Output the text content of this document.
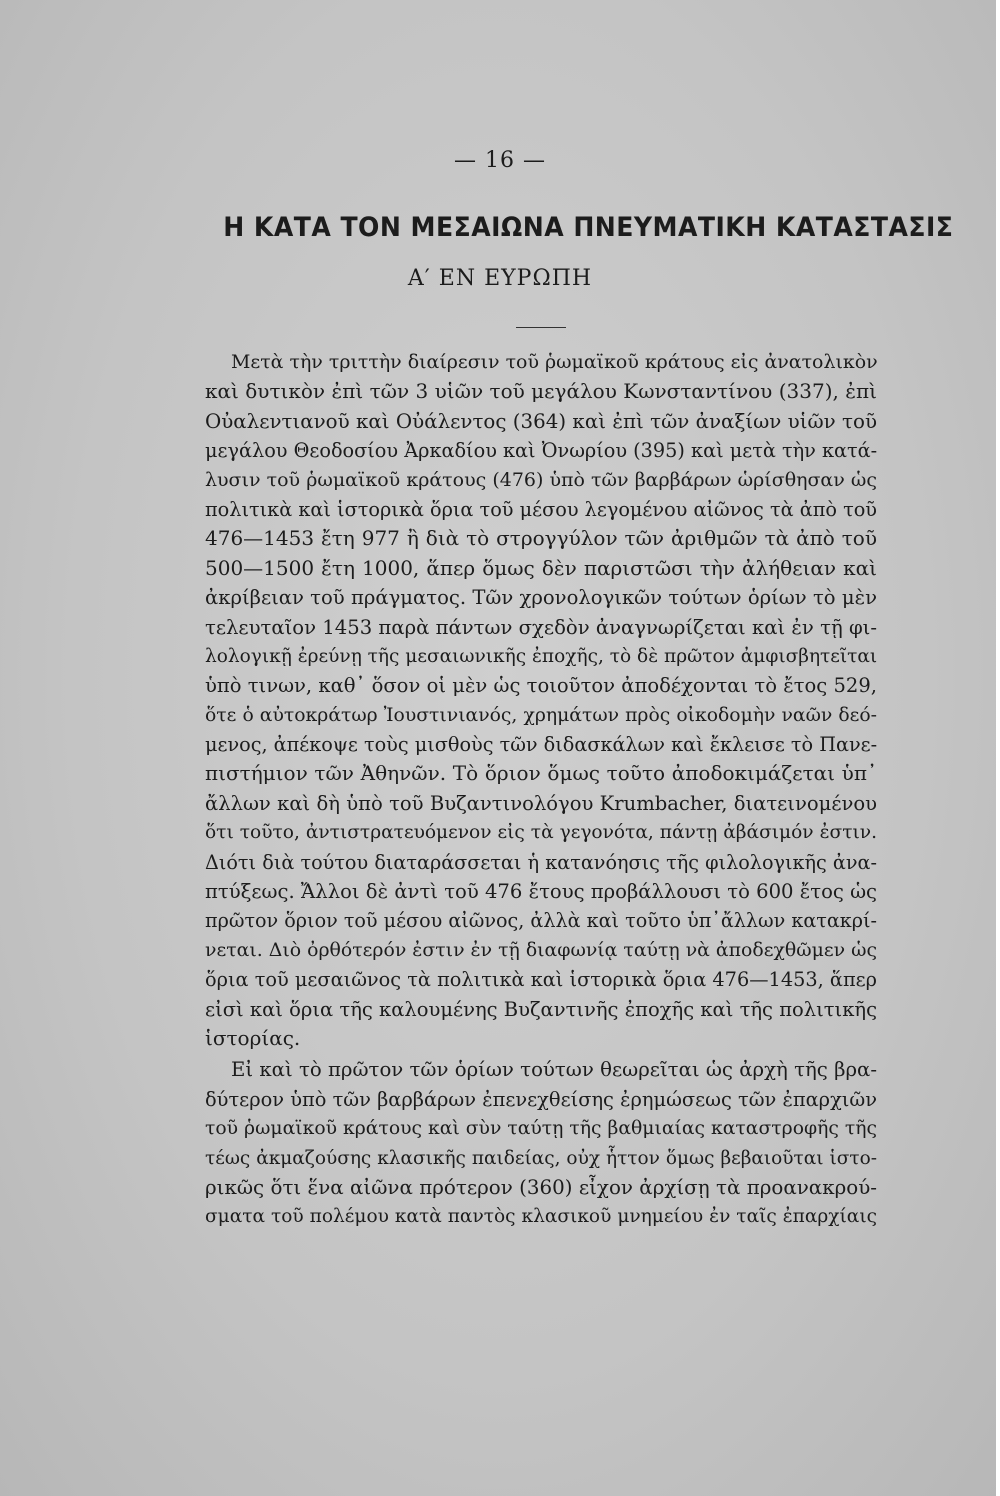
— 16 —
Η ΚΑΤΑ ΤΟΝ ΜΕΣΑΙΩΝΑ ΠΝΕΥΜΑΤΙΚΗ ΚΑΤΑΣΤΑΣΙΣ
Α′ ΕΝ ΕΥΡΩΠΗ
Μετὰ τὴν τριττὴν διαίρεσιν τοῦ ῥωμαϊκοῦ κράτους εἰς ἀνατολικὸν
καὶ δυτικὸν ἐπὶ τῶν 3 υἱῶν τοῦ μεγάλου Κωνσταντίνου (337), ἐπὶ
Οὐαλεντιανοῦ καὶ Οὐάλεντος (364) καὶ ἐπὶ τῶν ἀναξίων υἱῶν τοῦ
μεγάλου Θεοδοσίου Ἀρκαδίου καὶ Ὀνωρίου (395) καὶ μετὰ τὴν κατά-
λυσιν τοῦ ῥωμαϊκοῦ κράτους (476) ὑπὸ τῶν βαρβάρων ὡρίσθησαν ὡς
πολιτικὰ καὶ ἱστορικὰ ὅρια τοῦ μέσου λεγομένου αἰῶνος τὰ ἀπὸ τοῦ
476—1453 ἔτη 977 ἢ διὰ τὸ στρογγύλον τῶν ἀριθμῶν τὰ ἀπὸ τοῦ
500—1500 ἔτη 1000, ἅπερ ὅμως δὲν παριστῶσι τὴν ἀλήθειαν καὶ
ἀκρίβειαν τοῦ πράγματος. Τῶν χρονολογικῶν τούτων ὁρίων τὸ μὲν
τελευταῖον 1453 παρὰ πάντων σχεδὸν ἀναγνωρίζεται καὶ ἐν τῇ φι-
λολογικῇ ἐρεύνῃ τῆς μεσαιωνικῆς ἐποχῆς, τὸ δὲ πρῶτον ἀμφισβητεῖται
ὑπὸ τινων, καθ᾿ ὅσον οἱ μὲν ὡς τοιοῦτον ἀποδέχονται τὸ ἔτος 529,
ὅτε ὁ αὐτοκράτωρ Ἰουστινιανός, χρημάτων πρὸς οἰκοδομὴν ναῶν δεό-
μενος, ἀπέκοψε τοὺς μισθοὺς τῶν διδασκάλων καὶ ἔκλεισε τὸ Πανε-
πιστήμιον τῶν Ἀθηνῶν. Τὸ ὅριον ὅμως τοῦτο ἀποδοκιμάζεται ὑπ᾿
ἄλλων καὶ δὴ ὑπὸ τοῦ Βυζαντινολόγου Krumbacher, διατεινομένου
ὅτι τοῦτο, ἀντιστρατευόμενον εἰς τὰ γεγονότα, πάντῃ ἀβάσιμόν ἐστιν.
Διότι διὰ τούτου διαταράσσεται ἡ κατανόησις τῆς φιλολογικῆς ἀνα-
πτύξεως. Ἄλλοι δὲ ἀντὶ τοῦ 476 ἔτους προβάλλουσι τὸ 600 ἔτος ὡς
πρῶτον ὅριον τοῦ μέσου αἰῶνος, ἀλλὰ καὶ τοῦτο ὑπ᾿ἄλλων κατακρί-
νεται. Διὸ ὀρθότερόν ἐστιν ἐν τῇ διαφωνίᾳ ταύτῃ νὰ ἀποδεχθῶμεν ὡς
ὅρια τοῦ μεσαιῶνος τὰ πολιτικὰ καὶ ἱστορικὰ ὅρια 476—1453, ἅπερ
εἰσὶ καὶ ὅρια τῆς καλουμένης Βυζαντινῆς ἐποχῆς καὶ τῆς πολιτικῆς
ἱστορίας.
Εἰ καὶ τὸ πρῶτον τῶν ὁρίων τούτων θεωρεῖται ὡς ἀρχὴ τῆς βρα-
δύτερον ὑπὸ τῶν βαρβάρων ἐπενεχθείσης ἐρημώσεως τῶν ἐπαρχιῶν
τοῦ ῥωμαϊκοῦ κράτους καὶ σὺν ταύτῃ τῆς βαθμιαίας καταστροφῆς τῆς
τέως ἀκμαζούσης κλασικῆς παιδείας, οὐχ ἧττον ὅμως βεβαιοῦται ἱστο-
ρικῶς ὅτι ἕνα αἰῶνα πρότερον (360) εἶχον ἀρχίσῃ τὰ προανακρού-
σματα τοῦ πολέμου κατὰ παντὸς κλασικοῦ μνημείου ἐν ταῖς ἐπαρχίαις
